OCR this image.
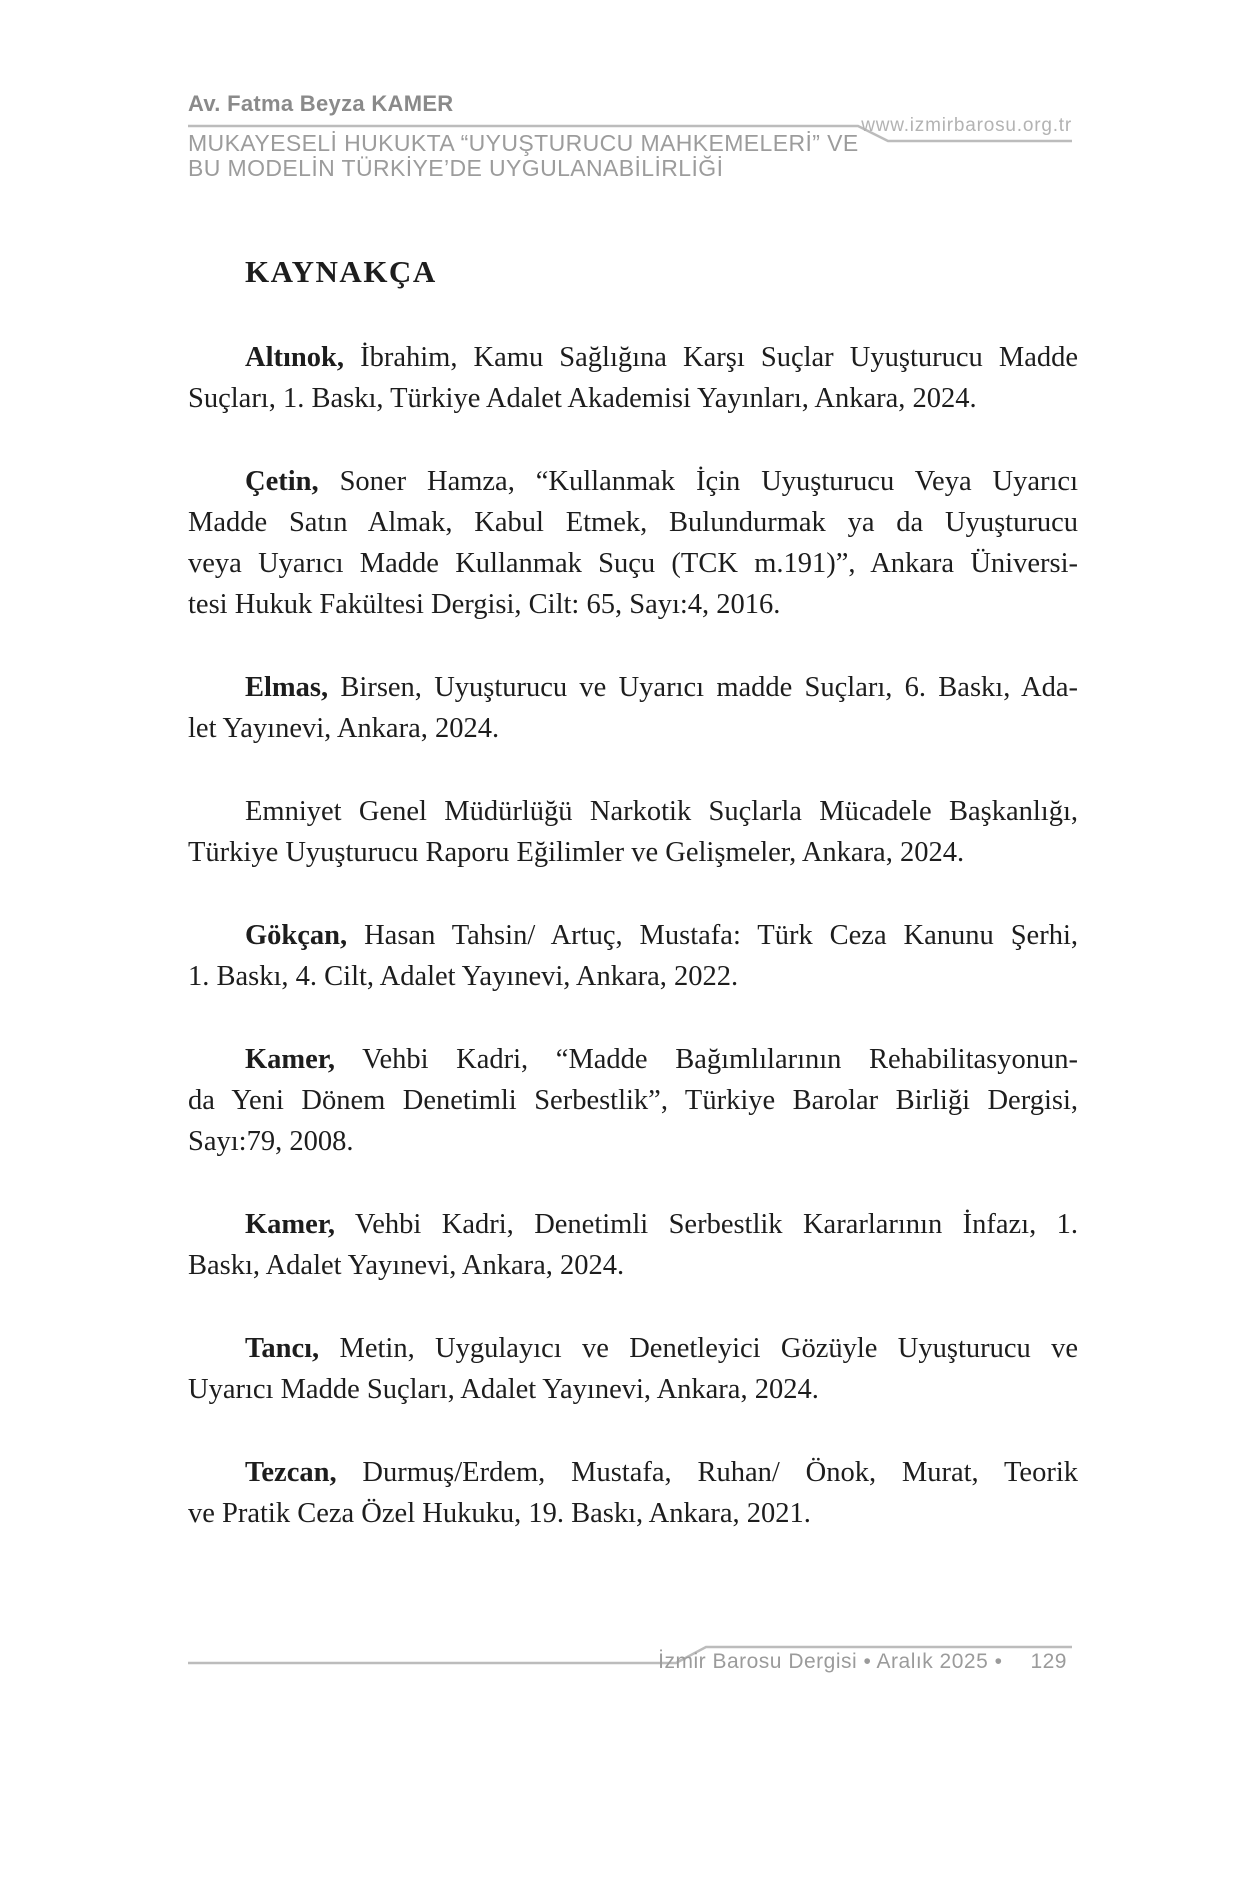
Av. Fatma Beyza KAMER
www.izmirbarosu.org.tr
MUKAYESELİ HUKUKTA “UYUŞTURUCU MAHKEMELERİ” VE
BU MODELİN TÜRKİYE’DE UYGULANABİLİRLİĞİ
KAYNAKÇA
Altınok, İbrahim, Kamu Sağlığına Karşı Suçlar Uyuşturucu Madde
Suçları, 1. Baskı, Türkiye Adalet Akademisi Yayınları, Ankara, 2024.
Çetin, Soner Hamza, “Kullanmak İçin Uyuşturucu Veya Uyarıcı
Madde Satın Almak, Kabul Etmek, Bulundurmak ya da Uyuşturucu
veya Uyarıcı Madde Kullanmak Suçu (TCK m.191)”, Ankara Üniversi-
tesi Hukuk Fakültesi Dergisi, Cilt: 65, Sayı:4, 2016.
Elmas, Birsen, Uyuşturucu ve Uyarıcı madde Suçları, 6. Baskı, Ada-
let Yayınevi, Ankara, 2024.
Emniyet Genel Müdürlüğü Narkotik Suçlarla Mücadele Başkanlığı,
Türkiye Uyuşturucu Raporu Eğilimler ve Gelişmeler, Ankara, 2024.
Gökçan, Hasan Tahsin/ Artuç, Mustafa: Türk Ceza Kanunu Şerhi,
1. Baskı, 4. Cilt, Adalet Yayınevi, Ankara, 2022.
Kamer, Vehbi Kadri, “Madde Bağımlılarının Rehabilitasyonun-
da Yeni Dönem Denetimli Serbestlik”, Türkiye Barolar Birliği Dergisi,
Sayı:79, 2008.
Kamer, Vehbi Kadri, Denetimli Serbestlik Kararlarının İnfazı, 1.
Baskı, Adalet Yayınevi, Ankara, 2024.
Tancı, Metin, Uygulayıcı ve Denetleyici Gözüyle Uyuşturucu ve
Uyarıcı Madde Suçları, Adalet Yayınevi, Ankara, 2024.
Tezcan, Durmuş/Erdem, Mustafa, Ruhan/ Önok, Murat, Teorik
ve Pratik Ceza Özel Hukuku, 19. Baskı, Ankara, 2021.
İzmir Barosu Dergisi • Aralık 2025 • 129
